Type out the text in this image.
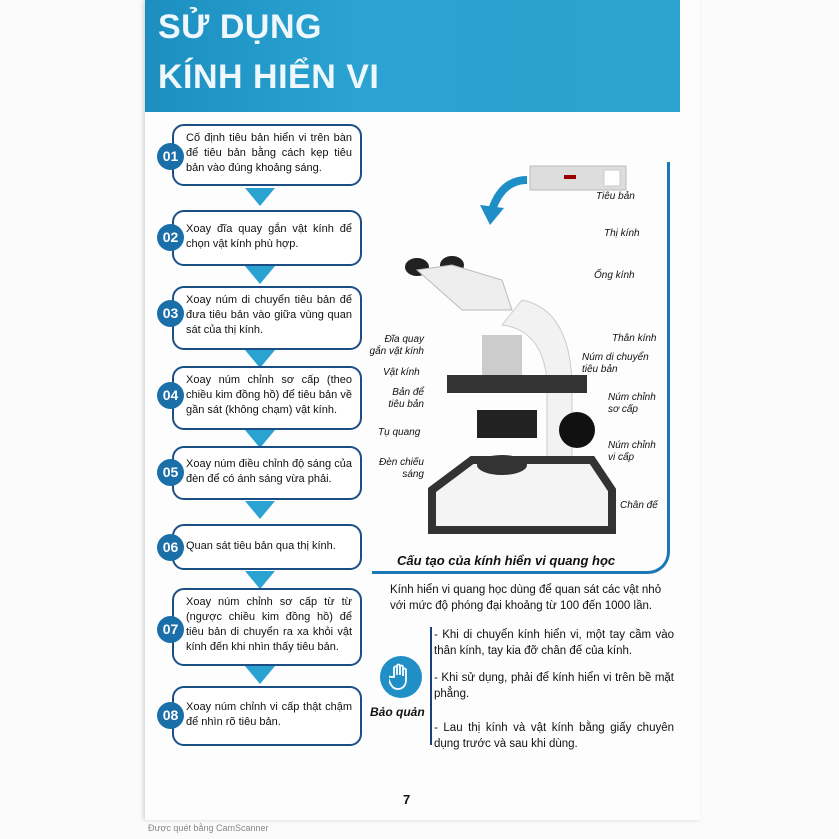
SỬ DỤNG
KÍNH HIỂN VI
Cố định tiêu bản hiển vi trên bàn để tiêu bản bằng cách kẹp tiêu bản vào đúng khoảng sáng.
01
Xoay đĩa quay gắn vật kính để chọn vật kính phù hợp.
02
Xoay núm di chuyển tiêu bản để đưa tiêu bản vào giữa vùng quan sát của thị kính.
03
Xoay núm chỉnh sơ cấp (theo chiều kim đồng hồ) để tiêu bản về gần sát (không chạm) vật kính.
04
Xoay núm điều chỉnh độ sáng của đèn để có ánh sáng vừa phải.
05
Quan sát tiêu bản qua thị kính.
06
Xoay núm chỉnh sơ cấp từ từ (ngược chiều kim đồng hồ) để tiêu bản di chuyển ra xa khỏi vật kính đến khi nhìn thấy tiêu bản.
07
Xoay núm chỉnh vi cấp thật chậm để nhìn rõ tiêu bản.
08
Tiêu bản
Thị kính
Ống kính
Thân kính
Đĩa quay gắn vật kính
Núm di chuyển tiêu bản
Vật kính
Bản để tiêu bản
Núm chỉnh sơ cấp
Tụ quang
Núm chỉnh vi cấp
Đèn chiếu sáng
Chân đế
Cấu tạo của kính hiển vi quang học
Kính hiển vi quang học dùng để quan sát các vật nhỏ với mức độ phóng đại khoảng từ 100 đến 1000 lần.
Bảo quản
- Khi di chuyển kính hiển vi, một tay cầm vào thân kính, tay kia đỡ chân đế của kính.
- Khi sử dụng, phải để kính hiển vi trên bề mặt phẳng.
- Lau thị kính và vật kính bằng giấy chuyên dụng trước và sau khi dùng.
7
Được quét bằng CamScanner
